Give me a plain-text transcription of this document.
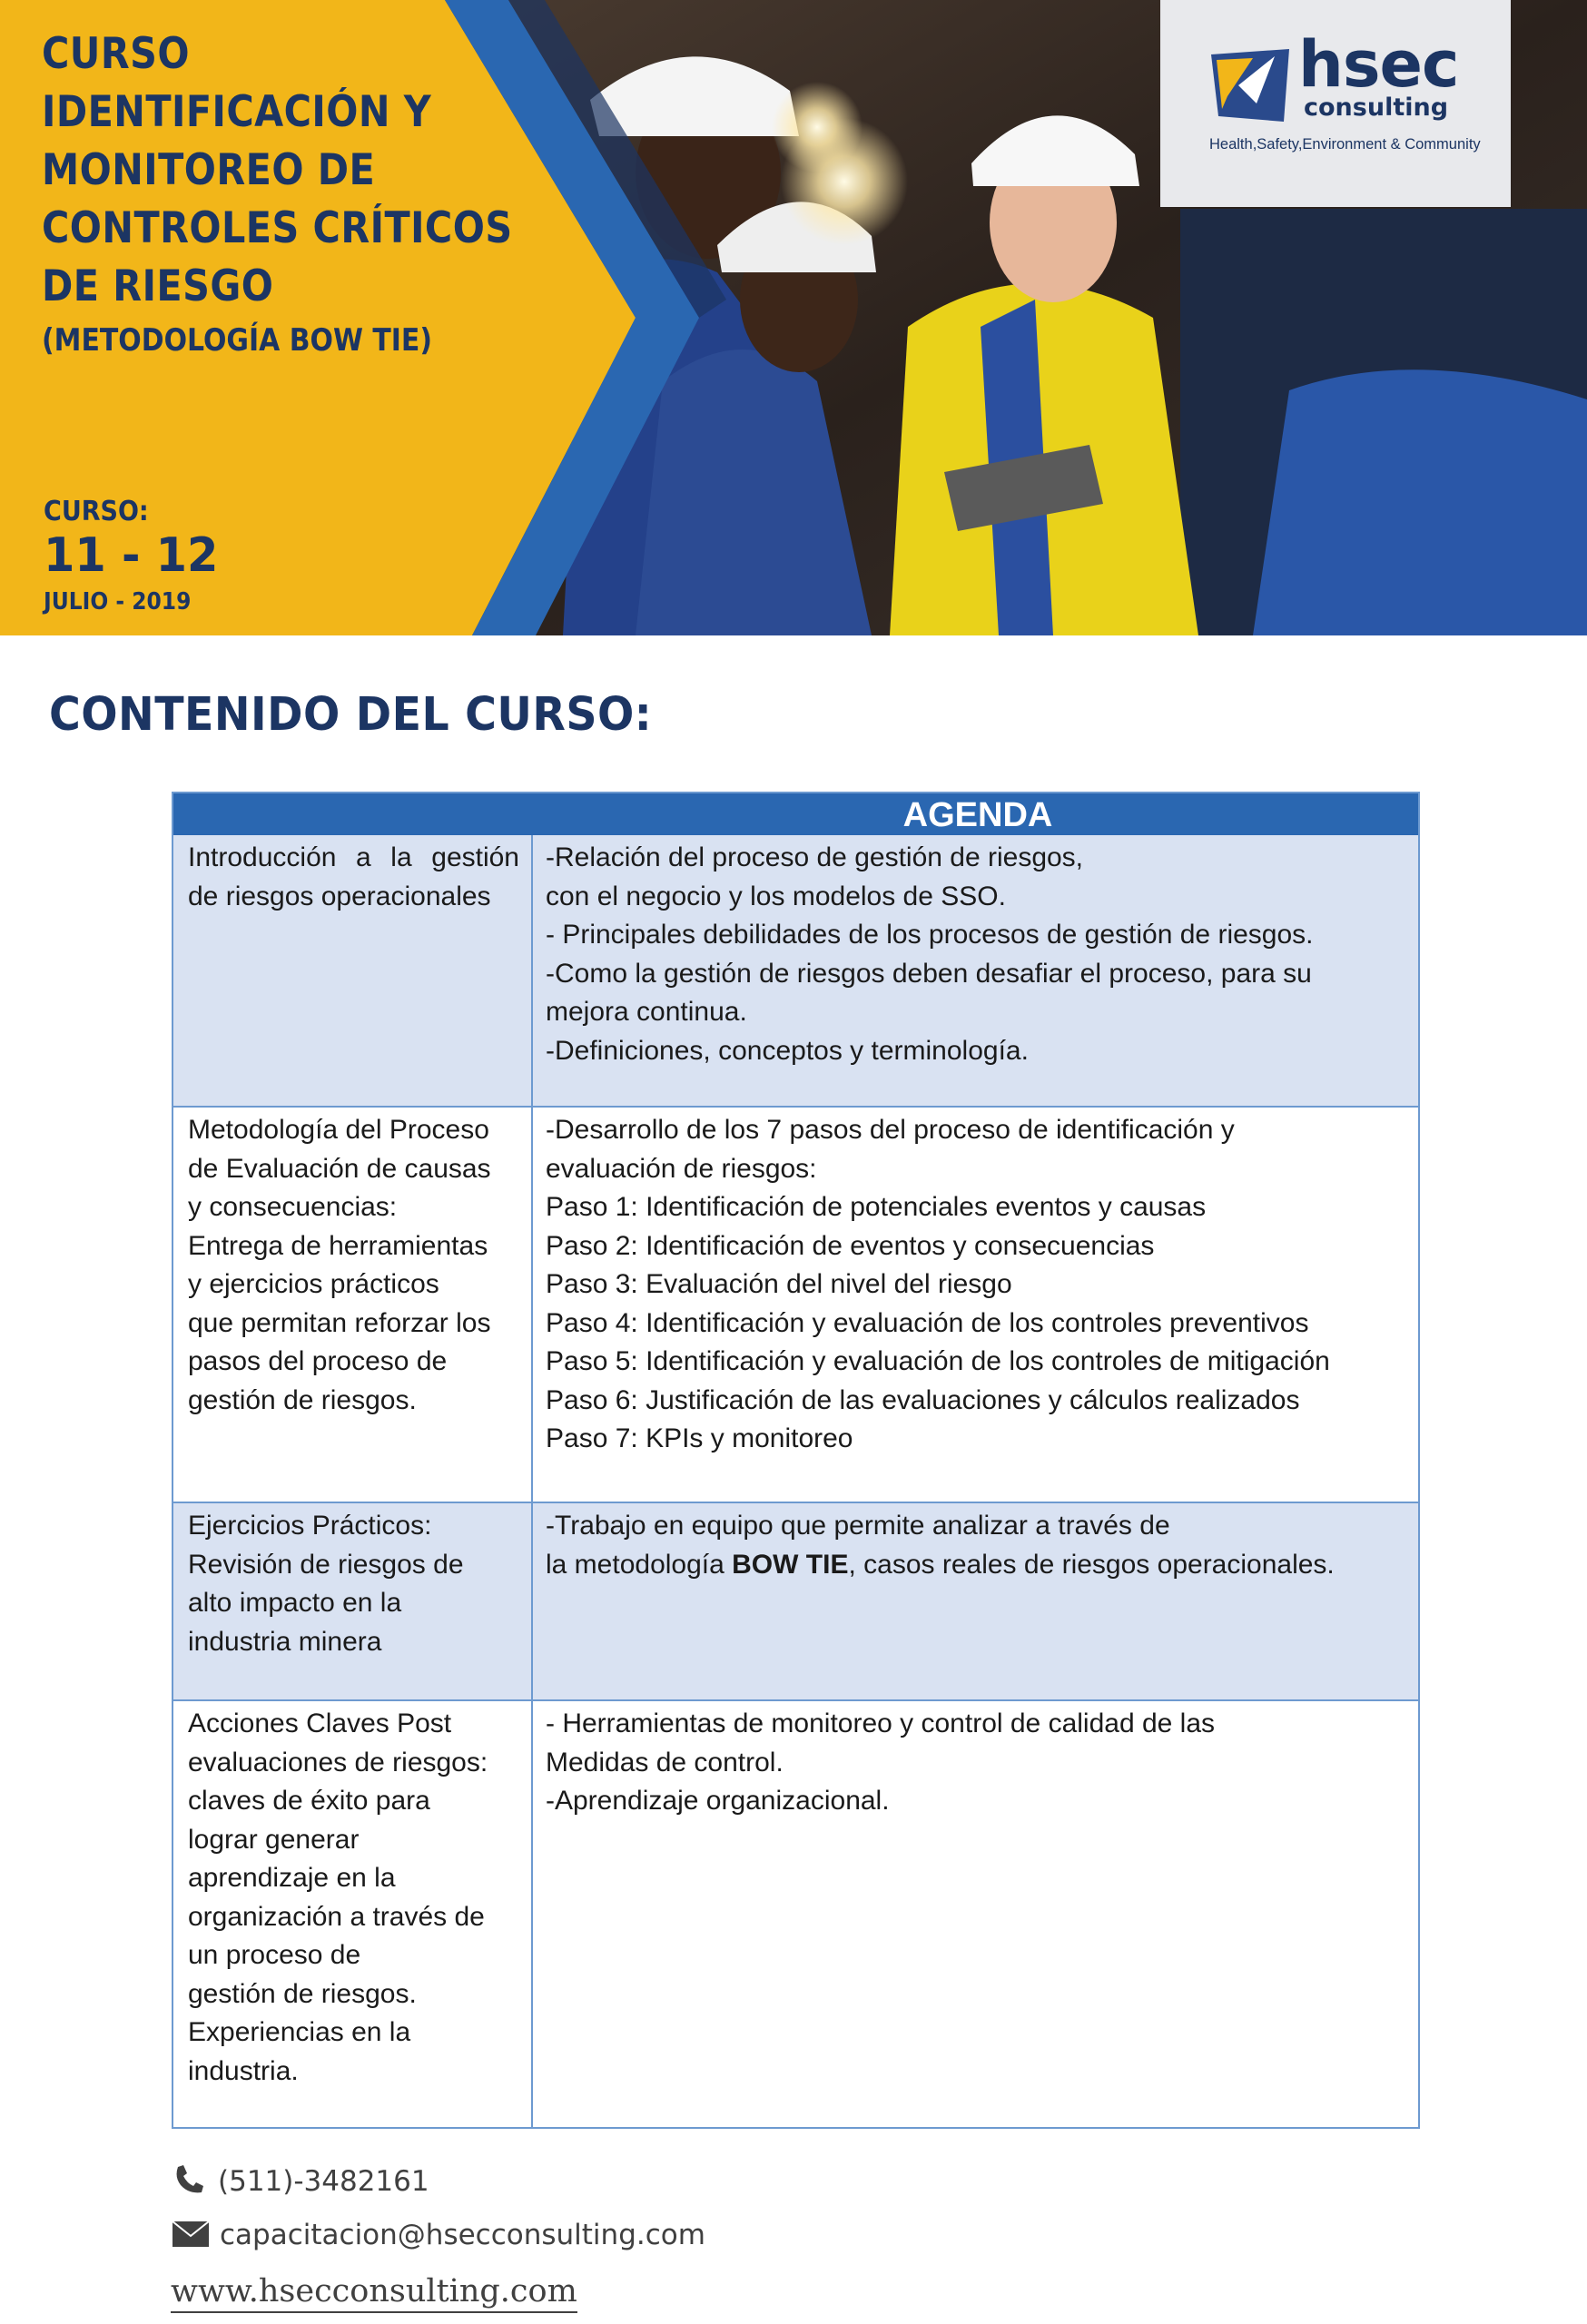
CURSO
IDENTIFICACIÓN Y
MONITOREO DE
CONTROLES CRÍTICOS
DE RIESGO
(METODOLOGÍA BOW TIE)
CURSO:
11 - 12
JULIO - 2019
hsec
consulting
Health,Safety,Environment & Community
CONTENIDO DEL CURSO:
AGENDA
Introducción a la gestión
de riesgos operacionales
-Relación del proceso de gestión de riesgos,
con el negocio y los modelos de SSO.
- Principales debilidades de los procesos de gestión de riesgos.
-Como la gestión de riesgos deben desafiar el proceso, para su
mejora continua.
-Definiciones, conceptos y terminología.
Metodología del Proceso
de Evaluación de causas
y consecuencias:
Entrega de herramientas
y ejercicios prácticos
que permitan reforzar los
pasos del proceso de
gestión de riesgos.
-Desarrollo de los 7 pasos del proceso de identificación y
evaluación de riesgos:
Paso 1: Identificación de potenciales eventos y causas
Paso 2: Identificación de eventos y consecuencias
Paso 3: Evaluación del nivel del riesgo
Paso 4: Identificación y evaluación de los controles preventivos
Paso 5: Identificación y evaluación de los controles de mitigación
Paso 6: Justificación de las evaluaciones y cálculos realizados
Paso 7: KPIs y monitoreo
Ejercicios Prácticos:
Revisión de riesgos de
alto impacto en la
industria minera
-Trabajo en equipo que permite analizar a través de
la metodología BOW TIE, casos reales de riesgos operacionales.
Acciones Claves Post
evaluaciones de riesgos:
claves de éxito para
lograr generar
aprendizaje en la
organización a través de
un proceso de
gestión de riesgos.
Experiencias en la
industria.
- Herramientas de monitoreo y control de calidad de las
Medidas de control.
-Aprendizaje organizacional.
(511)-3482161
capacitacion@hsecconsulting.com
www.hsecconsulting.com
